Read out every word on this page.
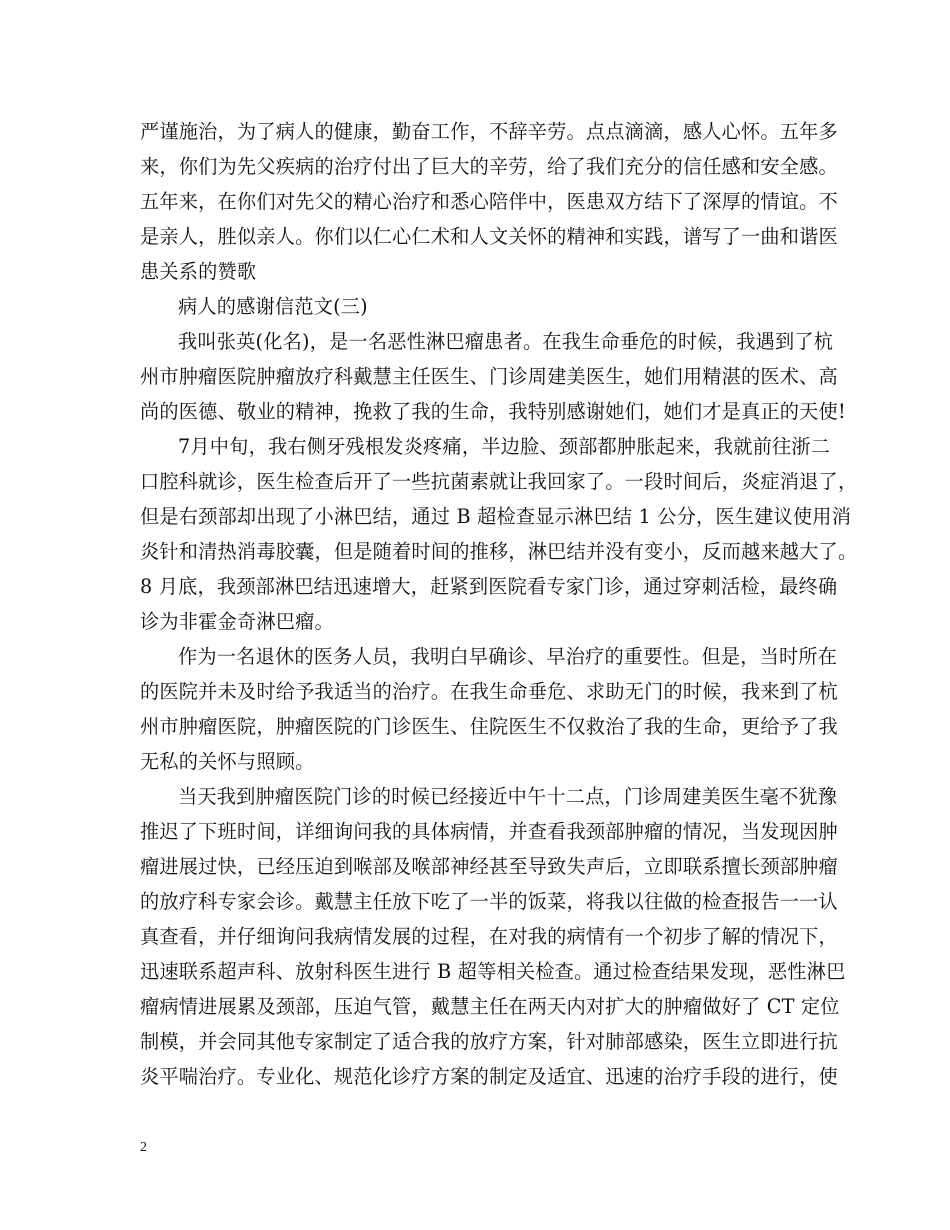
严谨施治，为了病人的健康，勤奋工作，不辞辛劳。点点滴滴，感人心怀。五年多
来，你们为先父疾病的治疗付出了巨大的辛劳，给了我们充分的信任感和安全感。
五年来，在你们对先父的精心治疗和悉心陪伴中，医患双方结下了深厚的情谊。不
是亲人，胜似亲人。你们以仁心仁术和人文关怀的精神和实践，谱写了一曲和谐医
患关系的赞歌
病人的感谢信范文(三)
我叫张英(化名)，是一名恶性淋巴瘤患者。在我生命垂危的时候，我遇到了杭
州市肿瘤医院肿瘤放疗科戴慧主任医生、门诊周建美医生，她们用精湛的医术、高
尚的医德、敬业的精神，挽救了我的生命，我特别感谢她们，她们才是真正的天使!
7月中旬，我右侧牙残根发炎疼痛，半边脸、颈部都肿胀起来，我就前往浙二
口腔科就诊，医生检查后开了一些抗菌素就让我回家了。一段时间后，炎症消退了，
但是右颈部却出现了小淋巴结，通过 B 超检查显示淋巴结 1 公分，医生建议使用消
炎针和清热消毒胶囊，但是随着时间的推移，淋巴结并没有变小，反而越来越大了。
8 月底，我颈部淋巴结迅速增大，赶紧到医院看专家门诊，通过穿刺活检，最终确
诊为非霍金奇淋巴瘤。
作为一名退休的医务人员，我明白早确诊、早治疗的重要性。但是，当时所在
的医院并未及时给予我适当的治疗。在我生命垂危、求助无门的时候，我来到了杭
州市肿瘤医院，肿瘤医院的门诊医生、住院医生不仅救治了我的生命，更给予了我
无私的关怀与照顾。
当天我到肿瘤医院门诊的时候已经接近中午十二点，门诊周建美医生毫不犹豫
推迟了下班时间，详细询问我的具体病情，并查看我颈部肿瘤的情况，当发现因肿
瘤进展过快，已经压迫到喉部及喉部神经甚至导致失声后，立即联系擅长颈部肿瘤
的放疗科专家会诊。戴慧主任放下吃了一半的饭菜，将我以往做的检查报告一一认
真查看，并仔细询问我病情发展的过程，在对我的病情有一个初步了解的情况下，
迅速联系超声科、放射科医生进行 B 超等相关检查。通过检查结果发现，恶性淋巴
瘤病情进展累及颈部，压迫气管，戴慧主任在两天内对扩大的肿瘤做好了 CT 定位
制模，并会同其他专家制定了适合我的放疗方案，针对肺部感染，医生立即进行抗
炎平喘治疗。专业化、规范化诊疗方案的制定及适宜、迅速的治疗手段的进行，使
2
